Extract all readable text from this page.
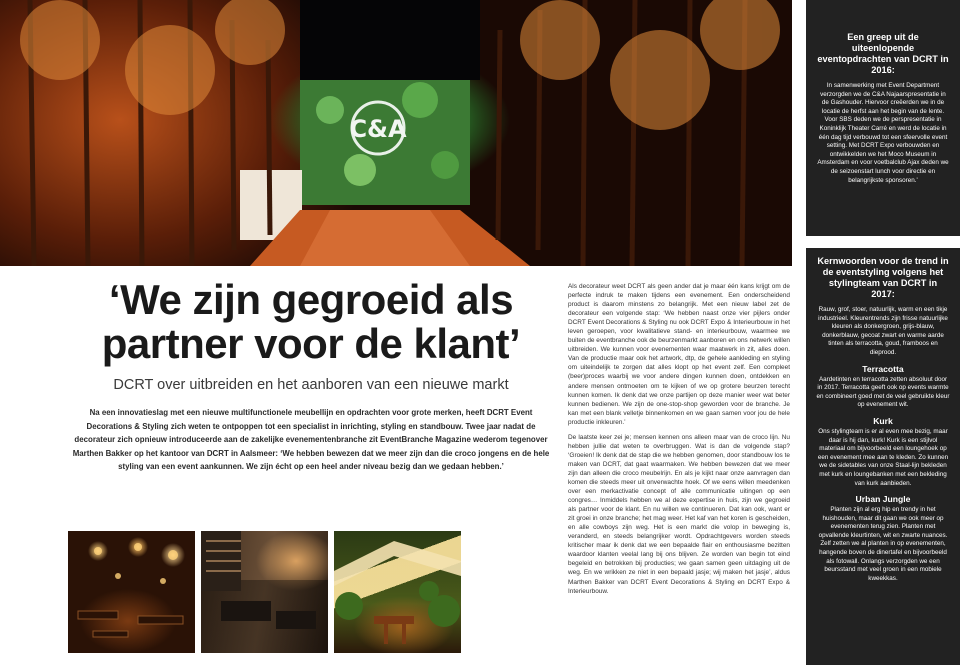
C&A
Een greep uit de uiteenlopende eventopdrachten van DCRT in 2016:
In samenwerking met Event Department verzorgden we de C&A Najaarspresentatie in de Gashouder. Hiervoor creëerden we in de locatie de herfst aan het begin van de lente. Voor SBS deden we de perspresentatie in Koninklijk Theater Carré en werd de locatie in één dag tijd verbouwd tot een sfeervolle event setting. Met DCRT Expo verbouwden en ontwikkelden we het Moco Museum in Amsterdam en voor voetbalclub Ajax deden we de seizoenstart lunch voor directie en belangrijkste sponsoren.'
Kernwoorden voor de trend in de eventstyling volgens het stylingteam van DCRT in 2017:
Rauw, grof, stoer, natuurlijk, warm en een tikje industrieel. Kleurentrends zijn frisse natuurlijke kleuren als donkergroen, grijs-blauw, donkerblauw, gecoat zwart en warme aarde tinten als terracotta, goud, framboos en dieprood.
Terracotta
Aardetinten en terracotta zetten absoluut door in 2017. Terracotta geeft ook op events warmte en combineert goed met de veel gebruikte kleur op evenement wit.
Kurk
Ons stylingteam is er al even mee bezig, maar daar is hij dan, kurk! Kurk is een stijlvol materiaal om bijvoorbeeld een loungehoek op een evenement mee aan te kleden. Zo kunnen we de sidetables van onze Staal-lijn bekleden met kurk en loungebanken met een bekleding van kurk aanbieden.
Urban Jungle
Planten zijn al erg hip en trendy in het huishouden, maar dit gaan we ook meer op evenementen terug zien. Planten met opvallende kleurtinten, wit en zwarte nuances. Zelf zetten we al planten in op evenementen, hangende boven de dinertafel en bijvoorbeeld als fotowall. Onlangs verzorgden we een beursstand met veel groen in een mobiele kweekkas.
‘We zijn gegroeid als partner voor de klant’
DCRT over uitbreiden en het aanboren van een nieuwe markt
Na een innovatieslag met een nieuwe multifunctionele meubellijn en opdrachten voor grote merken, heeft DCRT Event Decorations & Styling zich weten te ontpoppen tot een specialist in inrichting, styling en standbouw. Twee jaar nadat de decorateur zich opnieuw introduceerde aan de zakelijke evenementenbranche zit EventBranche Magazine wederom tegenover Marthen Bakker op het kantoor van DCRT in Aalsmeer: ‘We hebben bewezen dat we meer zijn dan die croco jongens en de hele styling van een event aankunnen. We zijn écht op een heel ander niveau bezig dan we gedaan hebben.’

Als decorateur weet DCRT als geen ander dat je maar één kans krijgt om de perfecte indruk te maken tijdens een evenement. Een onderscheidend product is daarom minstens zo belangrijk. Met een nieuw label zet de decorateur een volgende stap: ‘We hebben naast onze vier pijlers onder DCRT Event Decorations & Styling nu ook DCRT Expo & Interieurbouw in het leven geroepen, voor kwalitatieve stand- en interieurbouw, waarmee we buiten de eventbranche ook de beurzenmarkt aanboren en ons netwerk willen uitbreiden. We kunnen voor evenementen waar maatwerk in zit, alles doen. Van de productie maar ook het artwork, dtp, de gehele aankleding en styling om uiteindelijk te zorgen dat alles klopt op het event zelf. Een compleet (beer)proces waarbij we voor andere dingen kunnen doen, ontdekken en andere mensen ontmoeten om te kijken of we op grotere beurzen terecht kunnen komen. Ik denk dat we onze partijen op deze manier weer wat beter kunnen bedienen. We zijn de one-stop-shop geworden voor de branche. Je kan met een blank velletje binnenkomen en we gaan samen voor jou de hele productie inkleuren.’

De laatste keer zei je; mensen kennen ons alleen maar van de croco lijn. Nu hebben jullie dat weten te overbruggen. Wat is dan de volgende stap? ‘Groeien! Ik denk dat de stap die we hebben genomen, door standbouw los te maken van DCRT, dat gaat waarmaken. We hebben bewezen dat we meer zijn dan alleen die croco meubelrijn. En als je kijkt naar onze aanvragen dan komen die steeds meer uit onverwachte hoek. Of we eens willen meedenken over een merkactivatie concept of alle communicatie uitingen op een congres… Inmiddels hebben we al deze expertise in huis, zijn we gegroeid als partner voor de klant. En nu willen we continueren. Dat kan ook, want er zit groei in onze branche; het mag weer. Het kaf van het koren is gescheiden, en alle cowboys zijn weg. Het is een markt die volop in beweging is, veranderd, en steeds belangrijker wordt. Opdrachtgevers worden steeds kritischer maar ik denk dat we een bepaalde flair en enthousiasme bezitten waardoor klanten veelal lang bij ons blijven. Ze worden van begin tot eind begeleid en betrokken bij producties; we gaan samen geen uitdaging uit de weg. En we wrikken ze niet in een bepaald jasje; wij maken het jasje’, aldus Marthen Bakker van DCRT Event Decorations & Styling en DCRT Expo & Interieurbouw.
